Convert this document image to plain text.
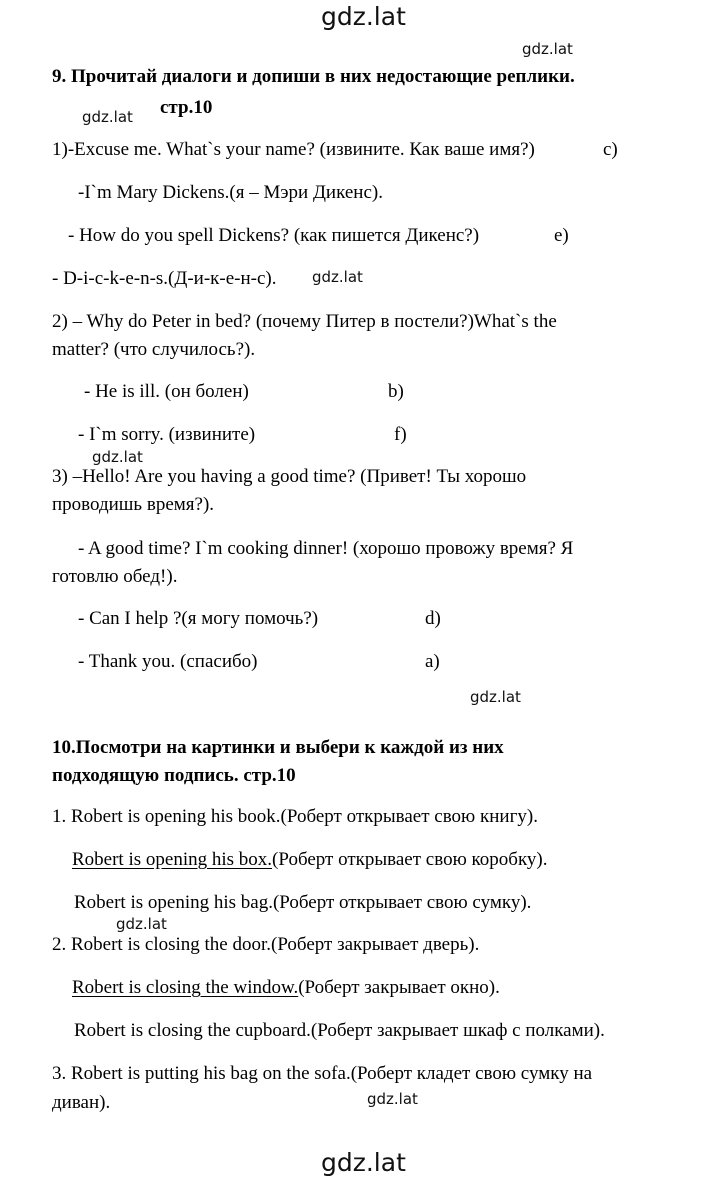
gdz.lat
gdz.lat
gdz.lat
gdz.lat
gdz.lat
gdz.lat
gdz.lat
gdz.lat
gdz.lat
9. Прочитай диалоги и допиши в них недостающие реплики.
стр.10
1)-Excuse me. What`s your name? (извините. Как ваше имя?)	c)
-I`m Mary Dickens.(я – Мэри Дикенс).
- How do you spell Dickens? (как пишется Дикенс?)	e)
- D-i-c-k-e-n-s.(Д-и-к-е-н-с).
2) – Why do Peter in bed? (почему Питер в постели?)What`s the
matter? (что случилось?).
- He is ill. (он болен)	b)
- I`m sorry. (извините)	f)
3) –Hello! Are you having a good time? (Привет! Ты хорошо
проводишь время?).
- A good time? I`m cooking dinner! (хорошо провожу время? Я
готовлю обед!).
- Can I help ?(я могу помочь?)	d)
- Thank you. (спасибо)	a)
10.Посмотри на картинки и выбери к каждой из них
подходящую подпись. стр.10
1. Robert is opening his book.(Роберт открывает свою книгу).
Robert is opening his box.(Роберт открывает свою коробку).
Robert is opening his bag.(Роберт открывает свою сумку).
2. Robert is closing the door.(Роберт закрывает дверь).
Robert is closing the window.(Роберт закрывает окно).
Robert is closing the cupboard.(Роберт закрывает шкаф с полками).
3. Robert is putting his bag on the sofa.(Роберт кладет свою сумку на
диван).
